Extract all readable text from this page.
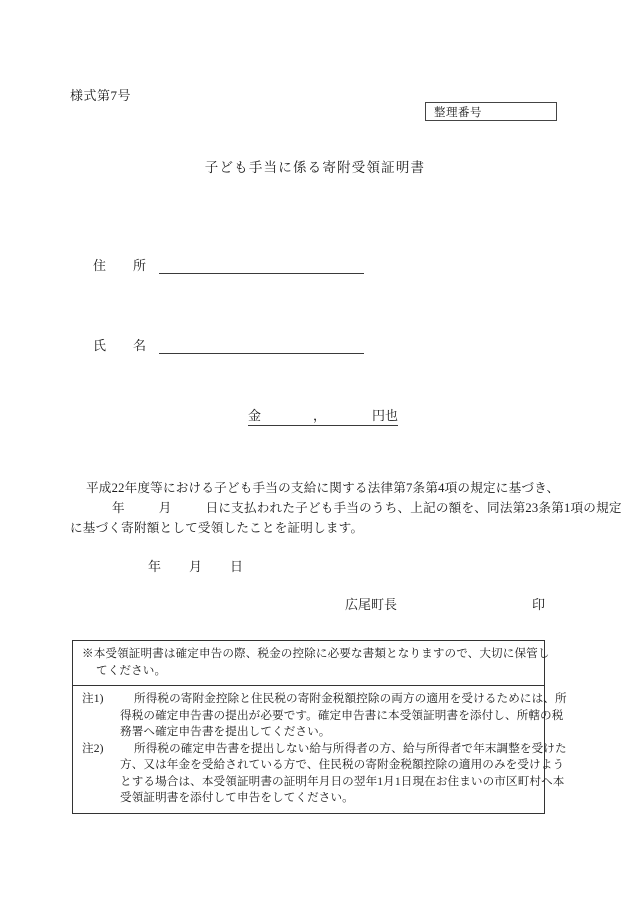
様式第7号
整理番号
子ども手当に係る寄附受領証明書
住　所
氏　名
金	，	円也
平成22年度等における子ども手当の支給に関する法律第7条第4項の規定に基づき、
年	月	日に支払われた子ども手当のうち、上記の額を、同法第23条第1項の規定
に基づく寄附額として受領したことを証明します。
年 月 日
広尾町長	印
※本受領証明書は確定申告の際、税金の控除に必要な書類となりますので、大切に保管し
てください。
注1)	所得税の寄附金控除と住民税の寄附金税額控除の両方の適用を受けるためには、所
得税の確定申告書の提出が必要です。確定申告書に本受領証明書を添付し、所轄の税
務署へ確定申告書を提出してください。
注2)	所得税の確定申告書を提出しない給与所得者の方、給与所得者で年末調整を受けた
方、又は年金を受給されている方で、住民税の寄附金税額控除の適用のみを受けよう
とする場合は、本受領証明書の証明年月日の翌年1月1日現在お住まいの市区町村へ本
受領証明書を添付して申告をしてください。
